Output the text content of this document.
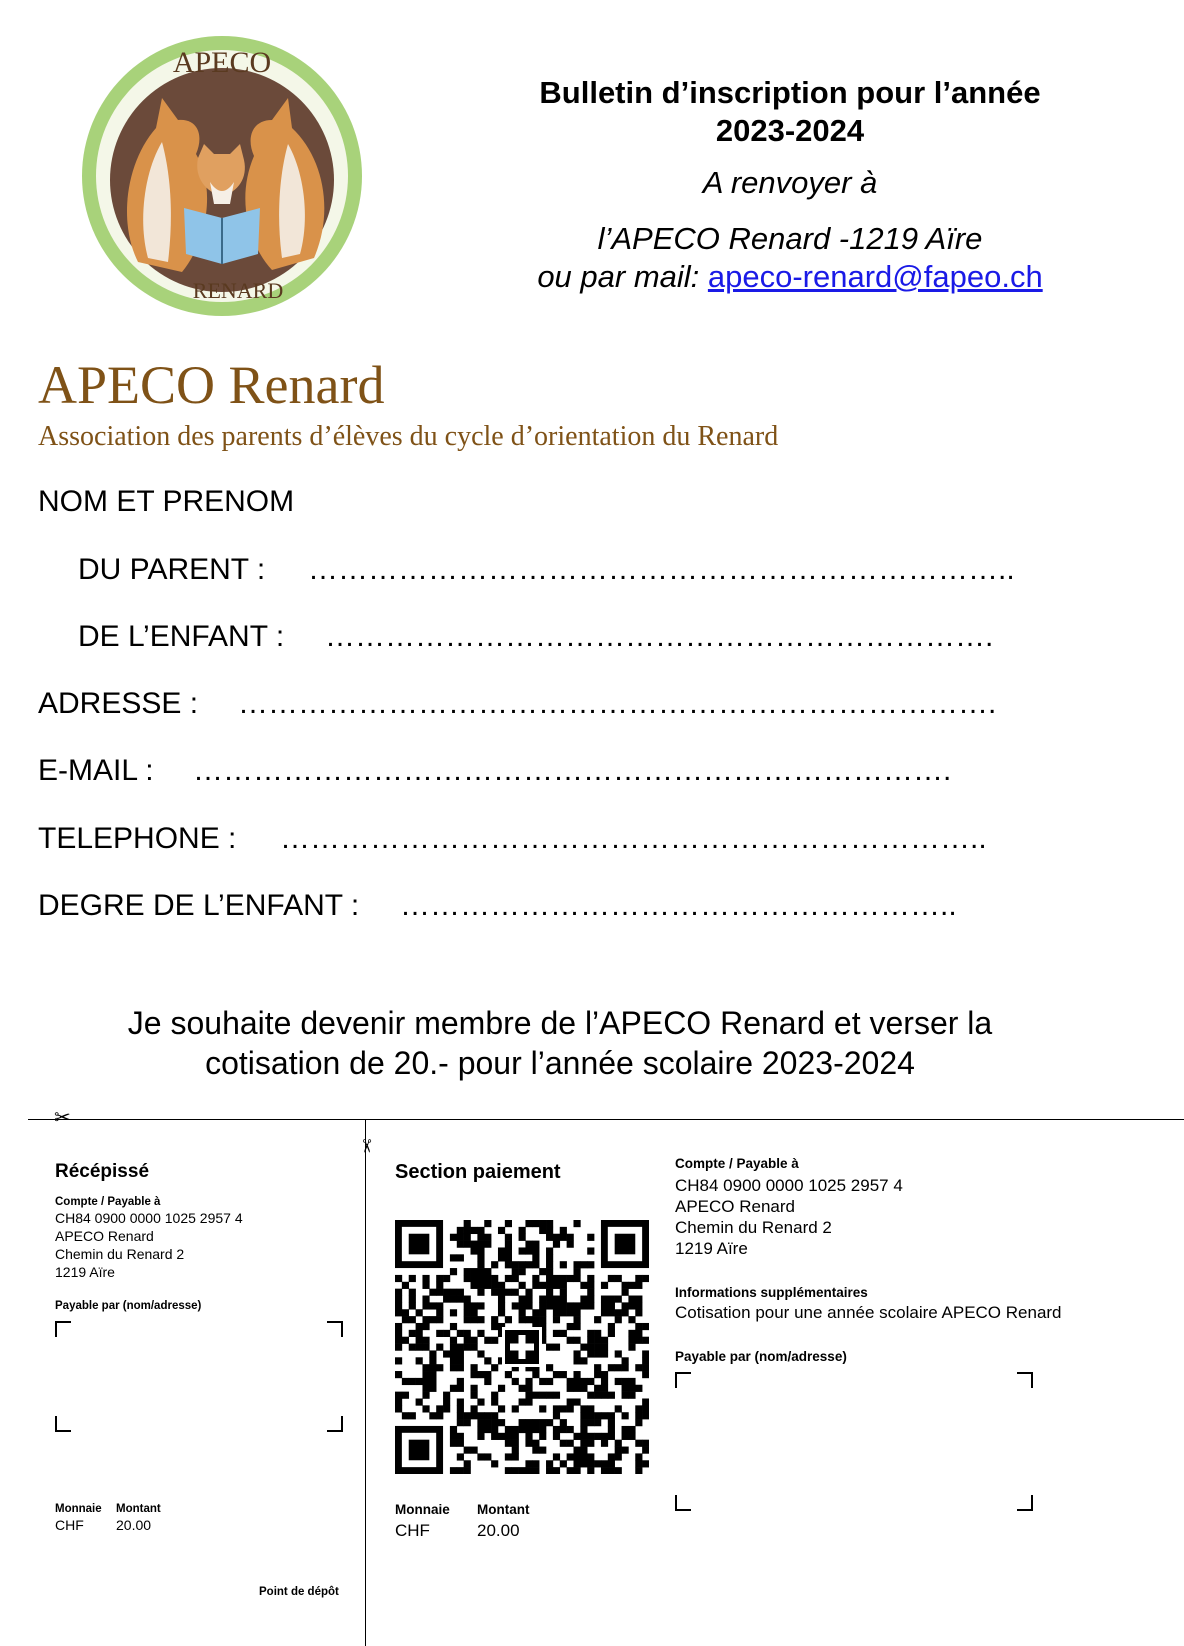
APECO
RENARD
Bulletin d’inscription pour l’année
2023-2024
A renvoyer à
l’APECO Renard -1219 Aïre
ou par mail: apeco-renard@fapeo.ch
APECO Renard
Association des parents d’élèves du cycle d’orientation du Renard
NOM ET PRENOM
DU PARENT : ……………………………………………………………..
DE L’ENFANT : ………………………………………………………….
ADRESSE : ………………………………………………………………….
E-MAIL : ………………………………………………………………….
TELEPHONE : ……………………………………………………………..
DEGRE DE L’ENFANT : ………………………………………………..
Je souhaite devenir membre de l’APECO Renard et verser la
cotisation de 20.- pour l’année scolaire 2023-2024
✂
✂
Récépissé
Compte / Payable à
CH84 0900 0000 1025 2957 4
APECO Renard
Chemin du Renard 2
1219 Aïre
Payable par (nom/adresse)
Monnaie Montant
CHF 20.00
Point de dépôt
Section paiement
Monnaie Montant
CHF	20.00
Compte / Payable à
CH84 0900 0000 1025 2957 4
APECO Renard
Chemin du Renard 2
1219 Aïre
Informations supplémentaires
Cotisation pour une année scolaire APECO Renard
Payable par (nom/adresse)
